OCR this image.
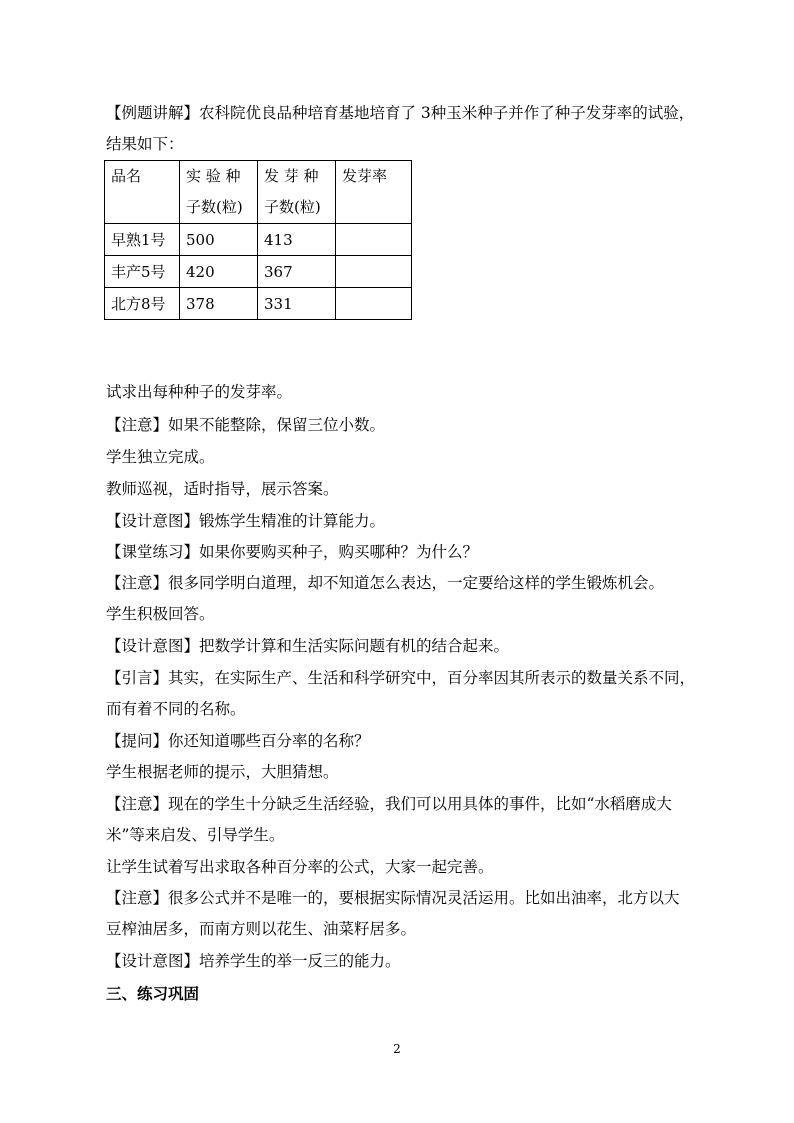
【例题讲解】农科院优良品种培育基地培育了 3种玉米种子并作了种子发芽率的试验，
结果如下：
品名	实 验 种 子数(粒)	发 芽 种 子数(粒)	发芽率

早熟1号	500	413	
丰产5号	420	367	
北方8号	378	331	
试求出每种种子的发芽率。
【注意】如果不能整除，保留三位小数。
学生独立完成。
教师巡视，适时指导，展示答案。
【设计意图】锻炼学生精准的计算能力。
【课堂练习】如果你要购买种子，购买哪种？为什么？
【注意】很多同学明白道理，却不知道怎么表达，一定要给这样的学生锻炼机会。
学生积极回答。
【设计意图】把数学计算和生活实际问题有机的结合起来。
【引言】其实，在实际生产、生活和科学研究中，百分率因其所表示的数量关系不同，
而有着不同的名称。
【提问】你还知道哪些百分率的名称？
学生根据老师的提示，大胆猜想。
【注意】现在的学生十分缺乏生活经验，我们可以用具体的事件，比如“水稻磨成大
米”等来启发、引导学生。
让学生试着写出求取各种百分率的公式，大家一起完善。
【注意】很多公式并不是唯一的，要根据实际情况灵活运用。比如出油率，北方以大
豆榨油居多，而南方则以花生、油菜籽居多。
【设计意图】培养学生的举一反三的能力。
三、练习巩固
2
